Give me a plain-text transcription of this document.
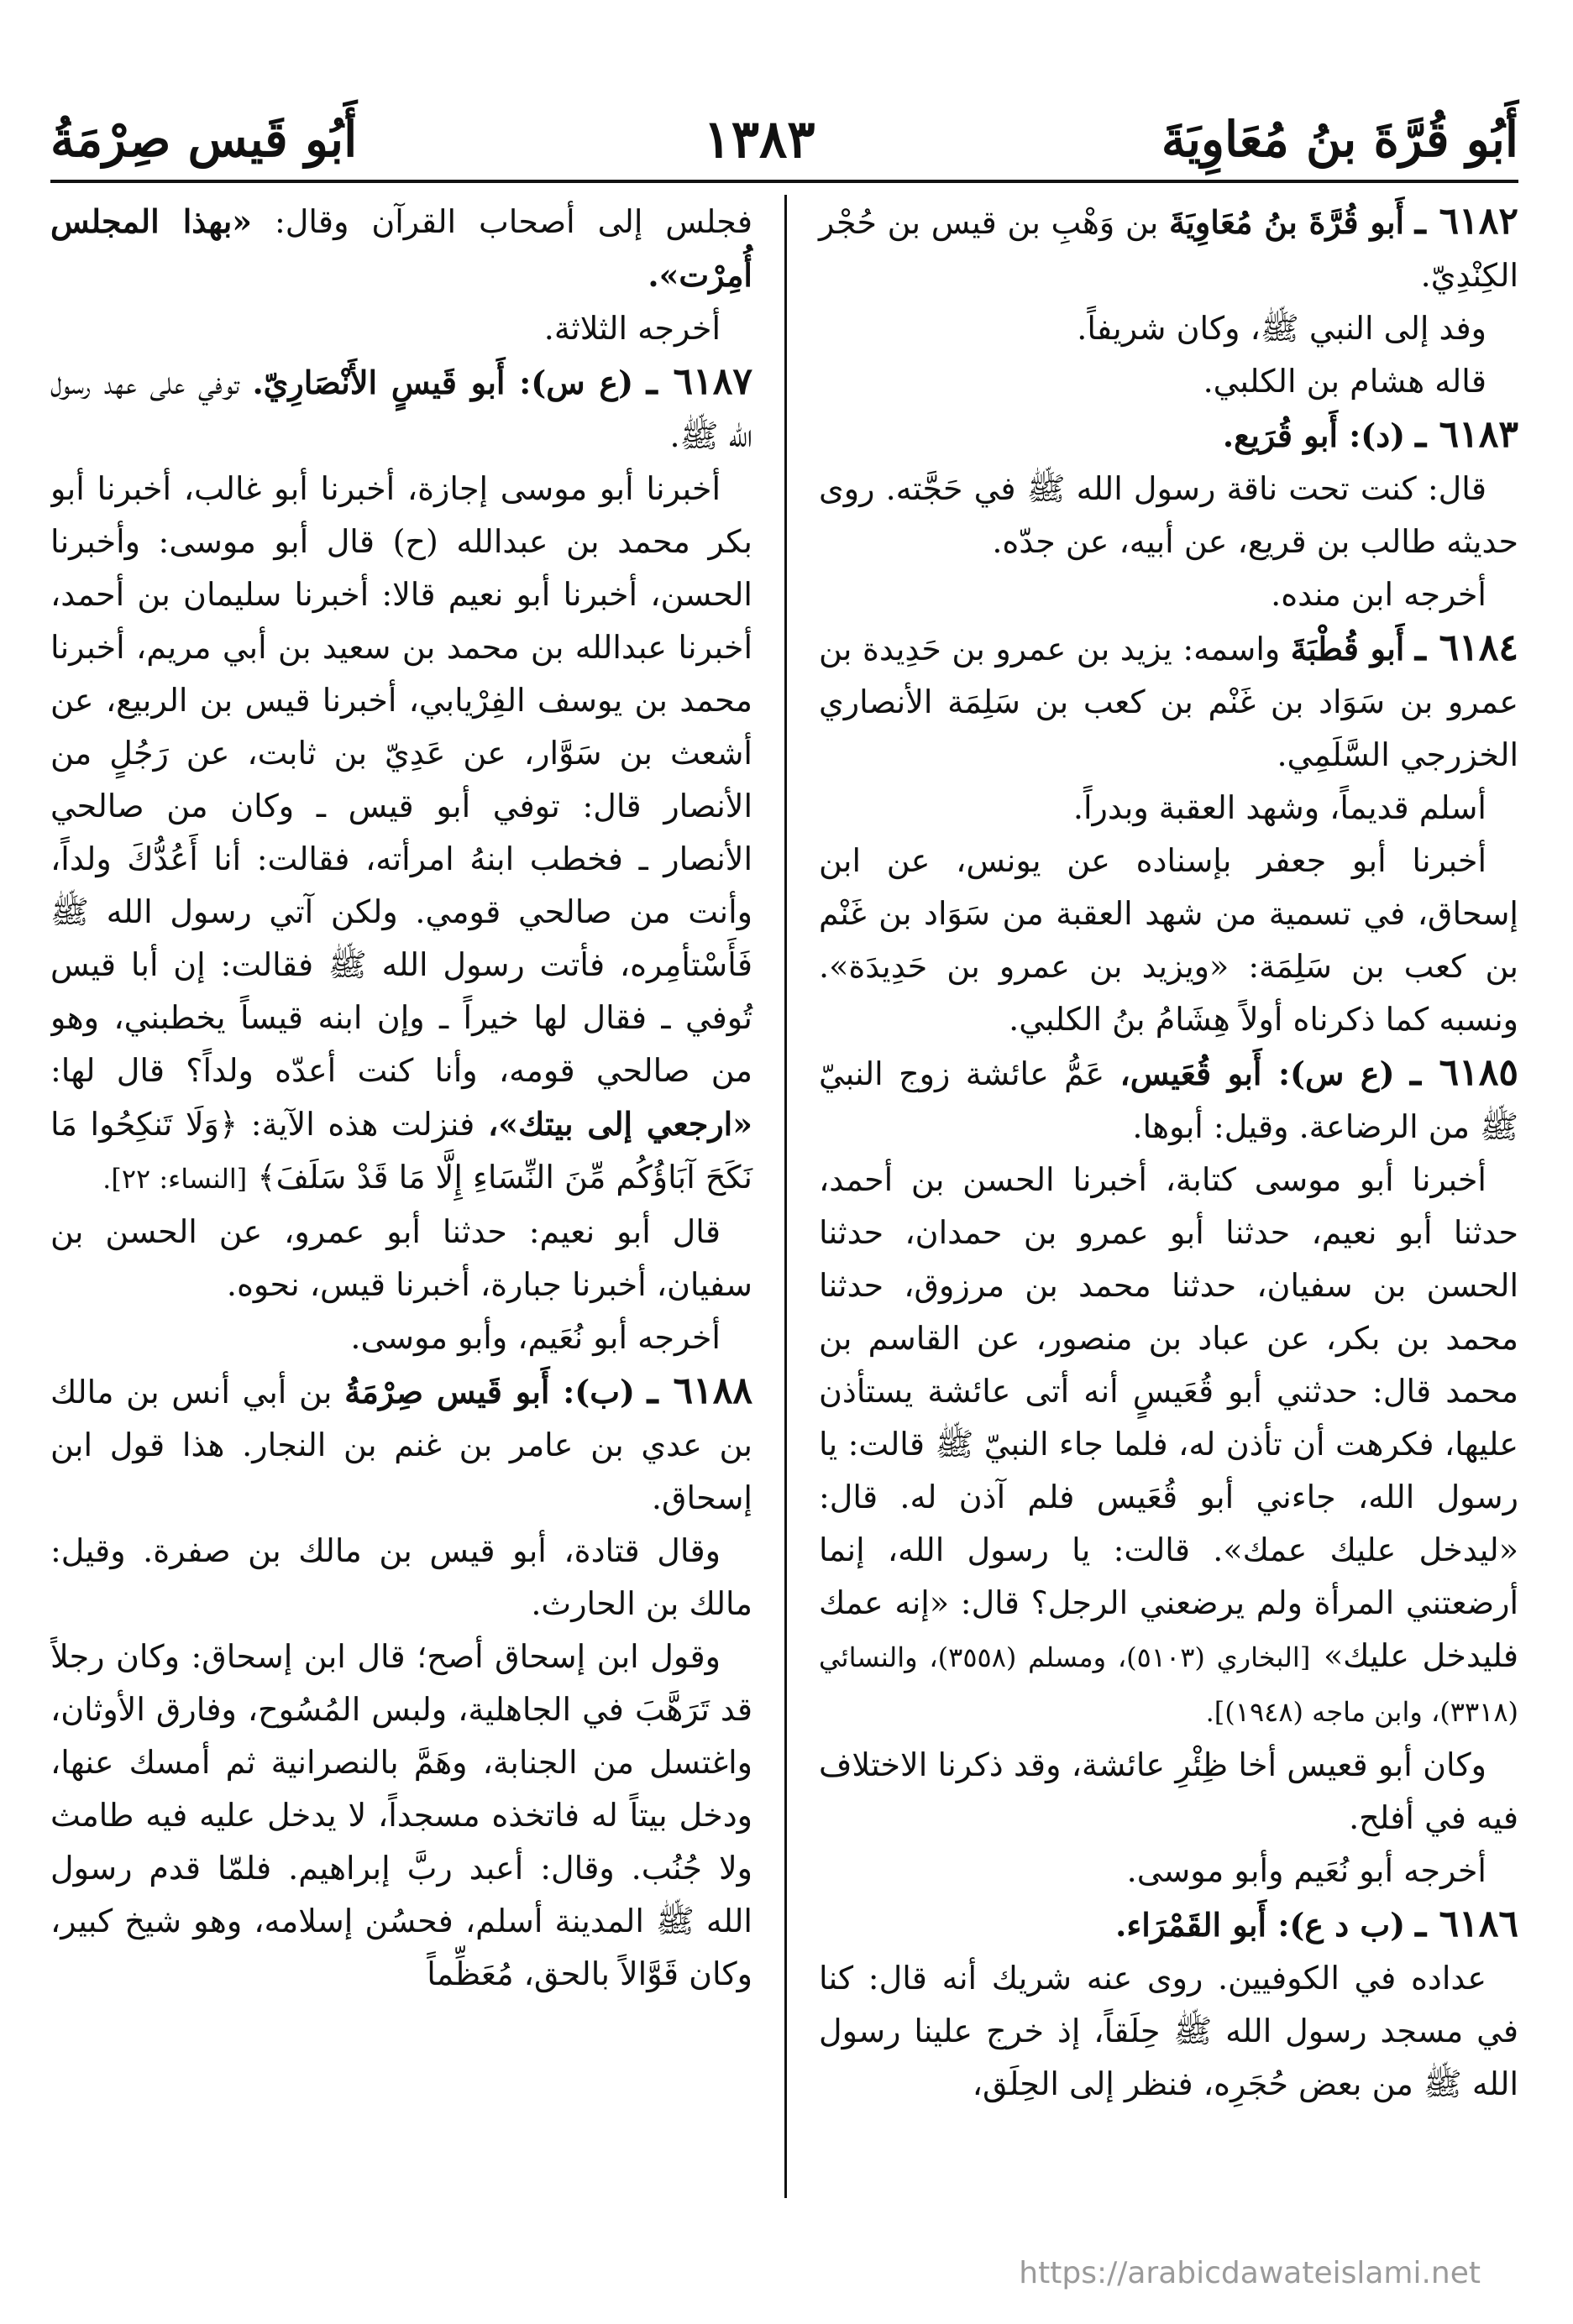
أَبُو قُرَّةَ بنُ مُعَاوِيَةَ
١٣٨٣
أَبُو قَيس صِرْمَةُ

٦١٨٢ ـ أَبو قُرَّةَ بنُ مُعَاوِيَةَ بن وَهْبِ بن قيس بن حُجْر الكِنْدِيّ.

وفد إلى النبي ﷺ، وكان شريفاً.

قاله هشام بن الكلبي.

٦١٨٣ ـ (د): أَبو قُرَيع.

قال: كنت تحت ناقة رسول الله ﷺ في حَجَّته. روى حديثه طالب بن قريع، عن أبيه، عن جدّه.

أخرجه ابن منده.

٦١٨٤ ـ أَبو قُطْبَةَ واسمه: يزيد بن عمرو بن حَدِيدة بن عمرو بن سَوَاد بن غَنْم بن كعب بن سَلِمَة الأنصاري الخزرجي السَّلَمِي.

أسلم قديماً، وشهد العقبة وبدراً.

أخبرنا أبو جعفر بإسناده عن يونس، عن ابن إسحاق، في تسمية من شهد العقبة من سَوَاد بن غَنْم بن كعب بن سَلِمَة: «ويزيد بن عمرو بن حَدِيدَة». ونسبه كما ذكرناه أولاً هِشَامُ بنُ الكلبي.

٦١٨٥ ـ (ع س): أَبو قُعَيس، عَمُّ عائشة زوج النبيّ ﷺ من الرضاعة. وقيل: أبوها.

أخبرنا أبو موسى كتابة، أخبرنا الحسن بن أحمد، حدثنا أبو نعيم، حدثنا أبو عمرو بن حمدان، حدثنا الحسن بن سفيان، حدثنا محمد بن مرزوق، حدثنا محمد بن بكر، عن عباد بن منصور، عن القاسم بن محمد قال: حدثني أبو قُعَيسٍ أنه أتى عائشة يستأذن عليها، فكرهت أن تأذن له، فلما جاء النبيّ ﷺ قالت: يا رسول الله، جاءني أبو قُعَيس فلم آذن له. قال: «ليدخل عليك عمك». قالت: يا رسول الله، إنما أرضعتني المرأة ولم يرضعني الرجل؟ قال: «إنه عمك فليدخل عليك» [البخاري (٥١٠٣)، ومسلم (٣٥٥٨)، والنسائي (٣٣١٨)، وابن ماجه (١٩٤٨)].

وكان أبو قعيس أخا ظِئْرِ عائشة، وقد ذكرنا الاختلاف فيه في أفلح.

أخرجه أبو نُعَيم وأبو موسى.

٦١٨٦ ـ (ب د ع): أَبو القَمْرَاء.

عداده في الكوفيين. روى عنه شريك أنه قال: كنا في مسجد رسول الله ﷺ حِلَقاً، إذ خرج علينا رسول الله ﷺ من بعض حُجَرِه، فنظر إلى الحِلَق،

فجلس إلى أصحاب القرآن وقال: «بهذا المجلس أُمِرْت».

أخرجه الثلاثة.

٦١٨٧ ـ (ع س): أَبو قَيسٍ الأَنْصَارِيّ. توفي على عهد رسول الله ﷺ.

أخبرنا أبو موسى إجازة، أخبرنا أبو غالب، أخبرنا أبو بكر محمد بن عبدالله (ح) قال أبو موسى: وأخبرنا الحسن، أخبرنا أبو نعيم قالا: أخبرنا سليمان بن أحمد، أخبرنا عبدالله بن محمد بن سعيد بن أبي مريم، أخبرنا محمد بن يوسف الفِرْيابي، أخبرنا قيس بن الربيع، عن أشعث بن سَوَّار، عن عَدِيّ بن ثابت، عن رَجُلٍ من الأنصار قال: توفي أبو قيس ـ وكان من صالحي الأنصار ـ فخطب ابنهُ امرأته، فقالت: أنا أَعُدُّكَ ولداً، وأنت من صالحي قومي. ولكن آتي رسول الله ﷺ فَأَسْتأمِره، فأتت رسول الله ﷺ فقالت: إن أبا قيس تُوفي ـ فقال لها خيراً ـ وإن ابنه قيساً يخطبني، وهو من صالحي قومه، وأنا كنت أعدّه ولداً؟ قال لها: «ارجعي إلى بيتك»، فنزلت هذه الآية: ﴿وَلَا تَنكِحُوا مَا نَكَحَ آبَاؤُكُم مِّنَ النِّسَاءِ إِلَّا مَا قَدْ سَلَفَ﴾ [النساء: ٢٢].

قال أبو نعيم: حدثنا أبو عمرو، عن الحسن بن سفيان، أخبرنا جبارة، أخبرنا قيس، نحوه.

أخرجه أبو نُعَيم، وأبو موسى.

٦١٨٨ ـ (ب): أَبو قَيس صِرْمَةُ بن أبي أنس بن مالك بن عدي بن عامر بن غنم بن النجار. هذا قول ابن إسحاق.

وقال قتادة، أبو قيس بن مالك بن صفرة. وقيل: مالك بن الحارث.

وقول ابن إسحاق أصح؛ قال ابن إسحاق: وكان رجلاً قد تَرَهَّبَ في الجاهلية، ولبس المُسُوح، وفارق الأوثان، واغتسل من الجنابة، وهَمَّ بالنصرانية ثم أمسك عنها، ودخل بيتاً له فاتخذه مسجداً، لا يدخل عليه فيه طامث ولا جُنُب. وقال: أعبد ربَّ إبراهيم. فلمّا قدم رسول الله ﷺ المدينة أسلم، فحسُن إسلامه، وهو شيخ كبير، وكان قَوَّالاً بالحق، مُعَظِّماً

https://arabicdawateislami.net
